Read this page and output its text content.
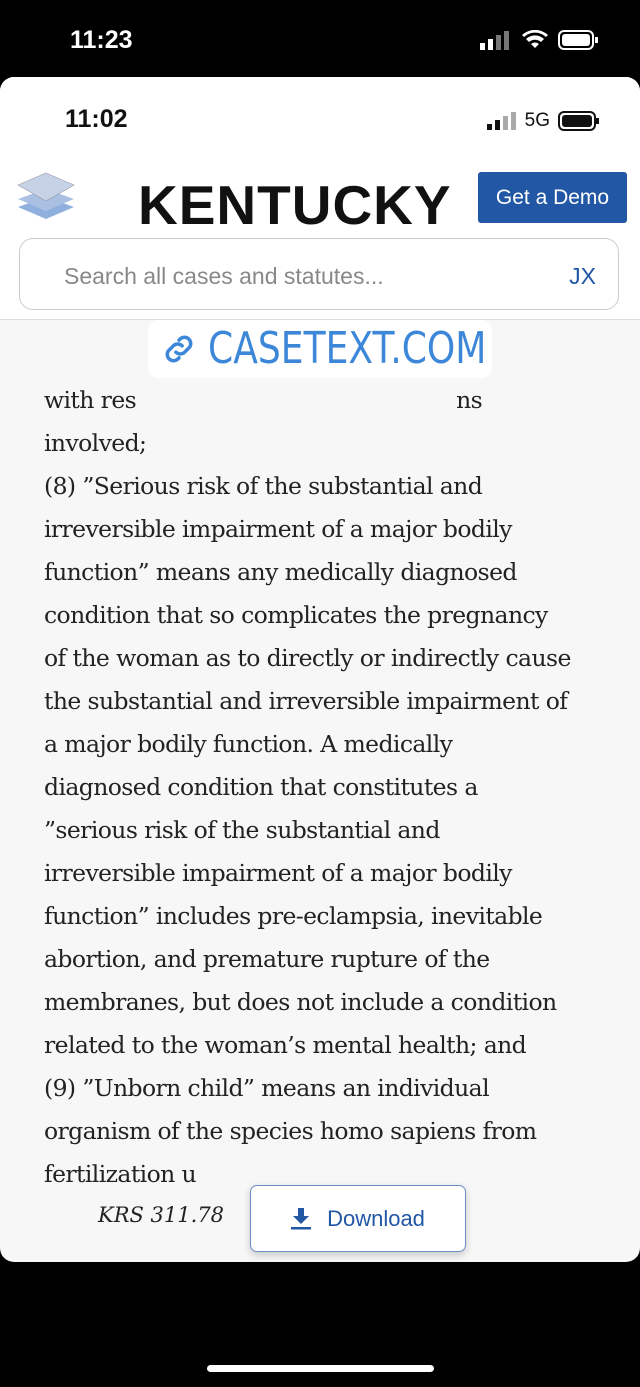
11:23
11:02	5G
Get a Demo
Search all cases and statutes...	JX
with res	ns
involved;
(8) ”Serious risk of the substantial and
irreversible impairment of a major bodily
function” means any medically diagnosed
condition that so complicates the pregnancy
of the woman as to directly or indirectly cause
the substantial and irreversible impairment of
a major bodily function. A medically
diagnosed condition that constitutes a
”serious risk of the substantial and
irreversible impairment of a major bodily
function” includes pre-eclampsia, inevitable
abortion, and premature rupture of the
membranes, but does not include a condition
related to the woman’s mental health; and
(9) ”Unborn child” means an individual
organism of the species homo sapiens from
fertilization u
KRS 311.78
KENTUCKY
CASETEXT.COM
Download
